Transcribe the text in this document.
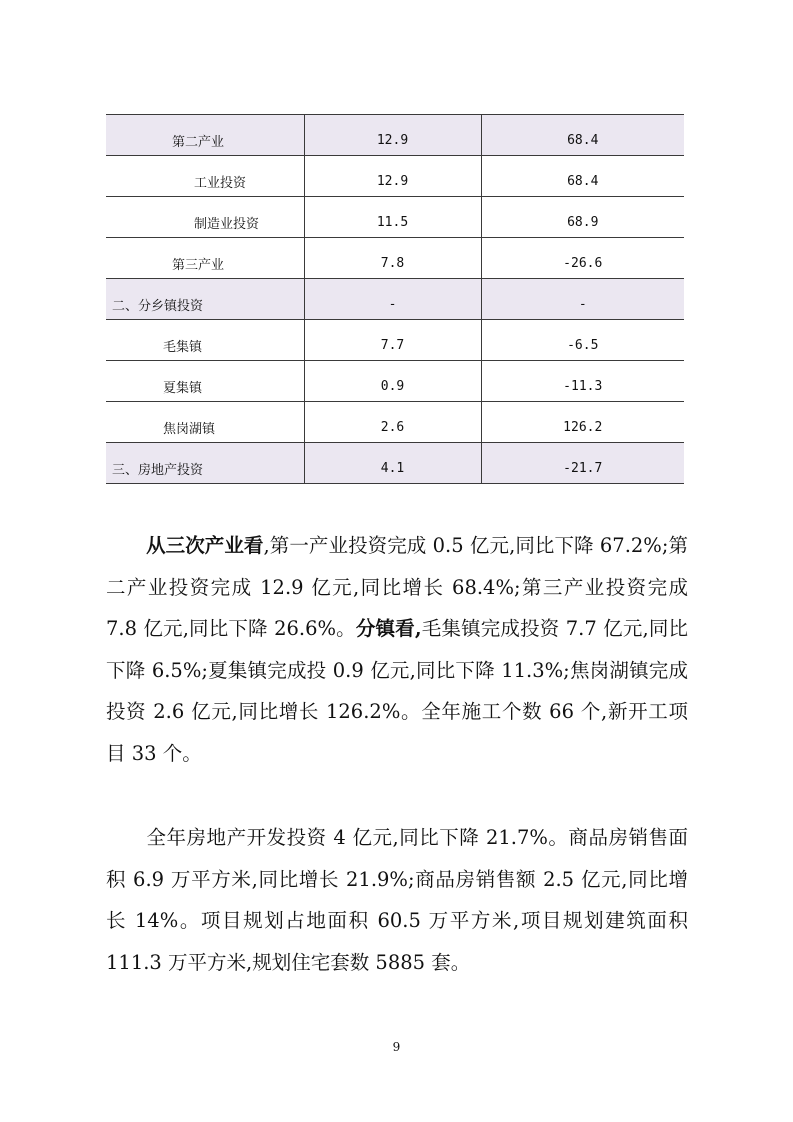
第二产业	12.9	68.4
工业投资	12.9	68.4
制造业投资	11.5	68.9
第三产业	7.8	-26.6
二、分乡镇投资	-	-
毛集镇	7.7	-6.5
夏集镇	0.9	-11.3
焦岗湖镇	2.6	126.2
三、房地产投资	4.1	-21.7

从三次产业看,第一产业投资完成 0.5 亿元,同比下降 67.2%;第二产业投资完成 12.9 亿元,同比增长 68.4%;第三产业投资完成 7.8 亿元,同比下降 26.6%。分镇看,毛集镇完成投资 7.7 亿元,同比下降 6.5%;夏集镇完成投 0.9 亿元,同比下降 11.3%;焦岗湖镇完成投资 2.6 亿元,同比增长 126.2%。全年施工个数 66 个,新开工项目 33 个。

全年房地产开发投资 4 亿元,同比下降 21.7%。商品房销售面积 6.9 万平方米,同比增长 21.9%;商品房销售额 2.5 亿元,同比增长 14%。项目规划占地面积 60.5 万平方米,项目规划建筑面积 111.3 万平方米,规划住宅套数 5885 套。

9
